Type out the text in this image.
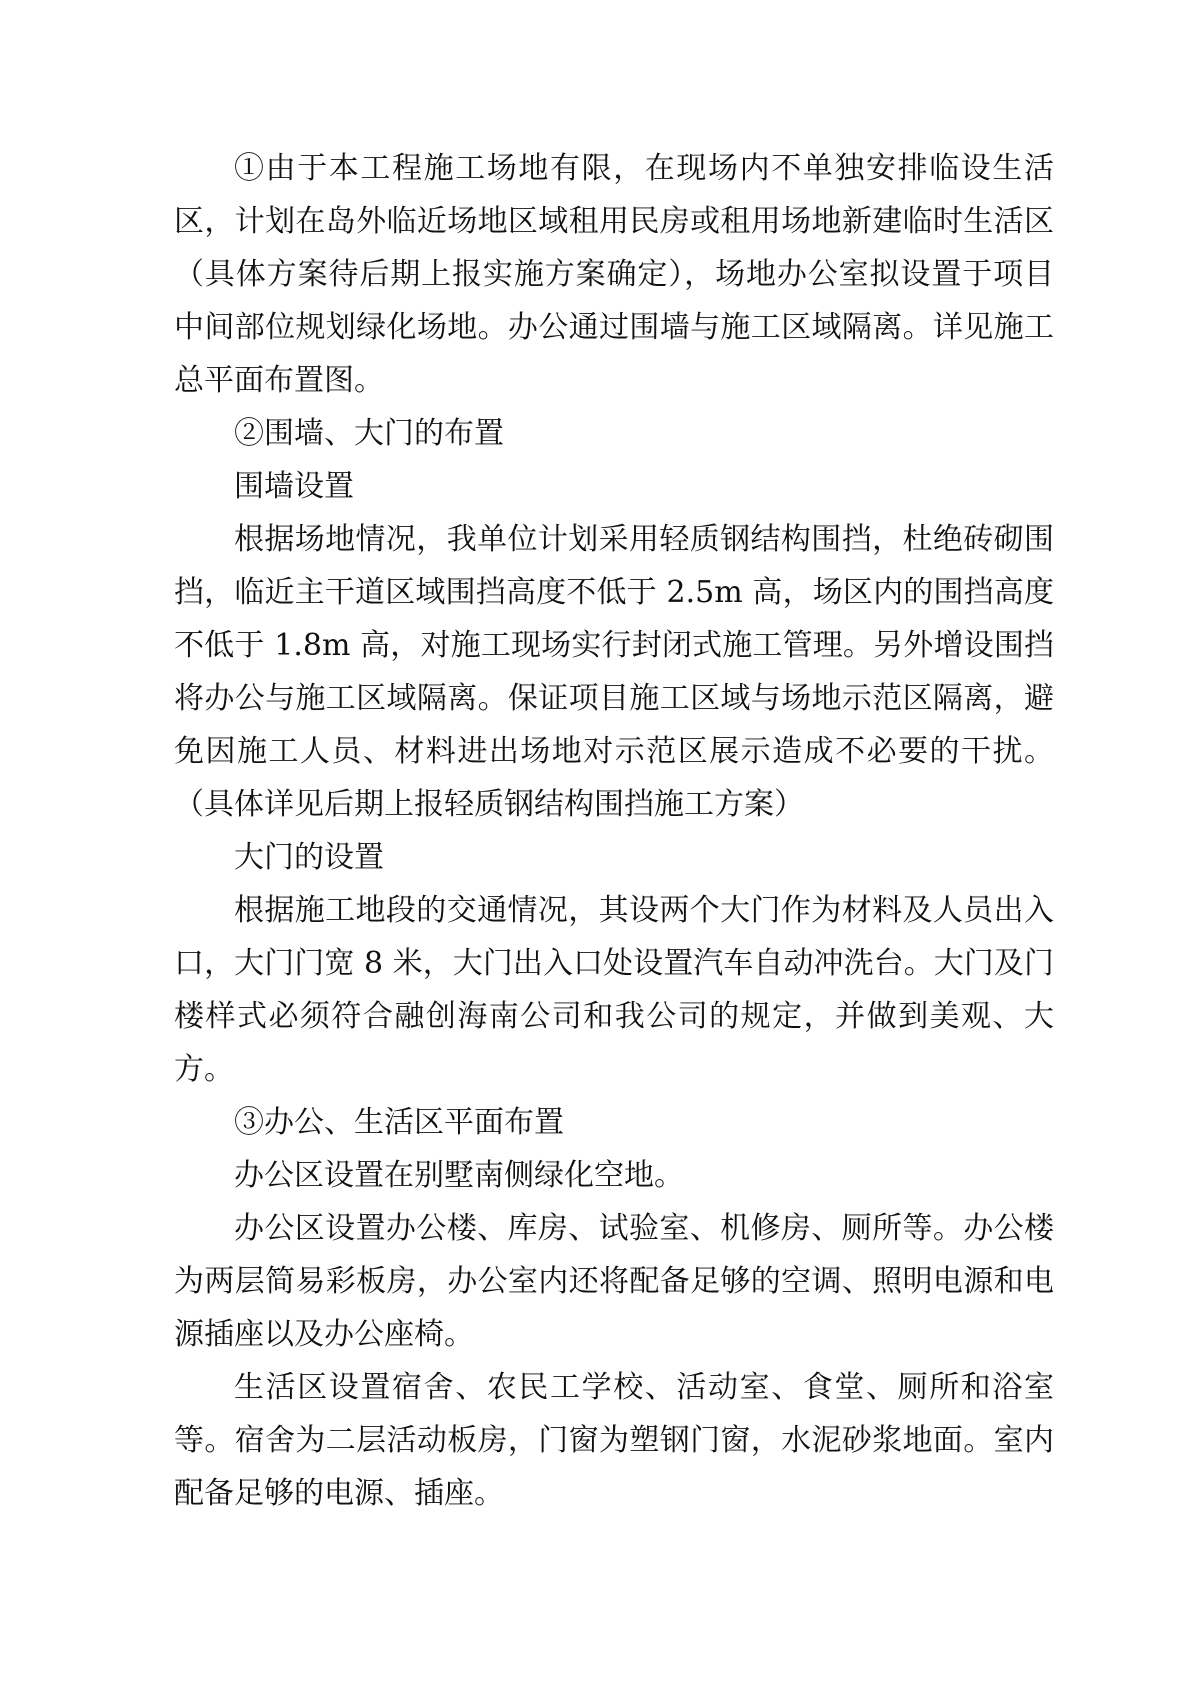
①由于本工程施工场地有限，在现场内不单独安排临设生活区，计划在岛外临近场地区域租用民房或租用场地新建临时生活区（具体方案待后期上报实施方案确定），场地办公室拟设置于项目中间部位规划绿化场地。办公通过围墙与施工区域隔离。详见施工总平面布置图。

②围墙、大门的布置

围墙设置

根据场地情况，我单位计划采用轻质钢结构围挡，杜绝砖砌围挡，临近主干道区域围挡高度不低于 2.5m 高，场区内的围挡高度不低于 1.8m 高，对施工现场实行封闭式施工管理。另外增设围挡将办公与施工区域隔离。保证项目施工区域与场地示范区隔离，避免因施工人员、材料进出场地对示范区展示造成不必要的干扰。（具体详见后期上报轻质钢结构围挡施工方案）

大门的设置

根据施工地段的交通情况，其设两个大门作为材料及人员出入口，大门门宽 8 米，大门出入口处设置汽车自动冲洗台。大门及门楼样式必须符合融创海南公司和我公司的规定，并做到美观、大方。

③办公、生活区平面布置

办公区设置在别墅南侧绿化空地。

办公区设置办公楼、库房、试验室、机修房、厕所等。办公楼为两层简易彩板房，办公室内还将配备足够的空调、照明电源和电源插座以及办公座椅。

生活区设置宿舍、农民工学校、活动室、食堂、厕所和浴室等。宿舍为二层活动板房，门窗为塑钢门窗，水泥砂浆地面。室内配备足够的电源、插座。
